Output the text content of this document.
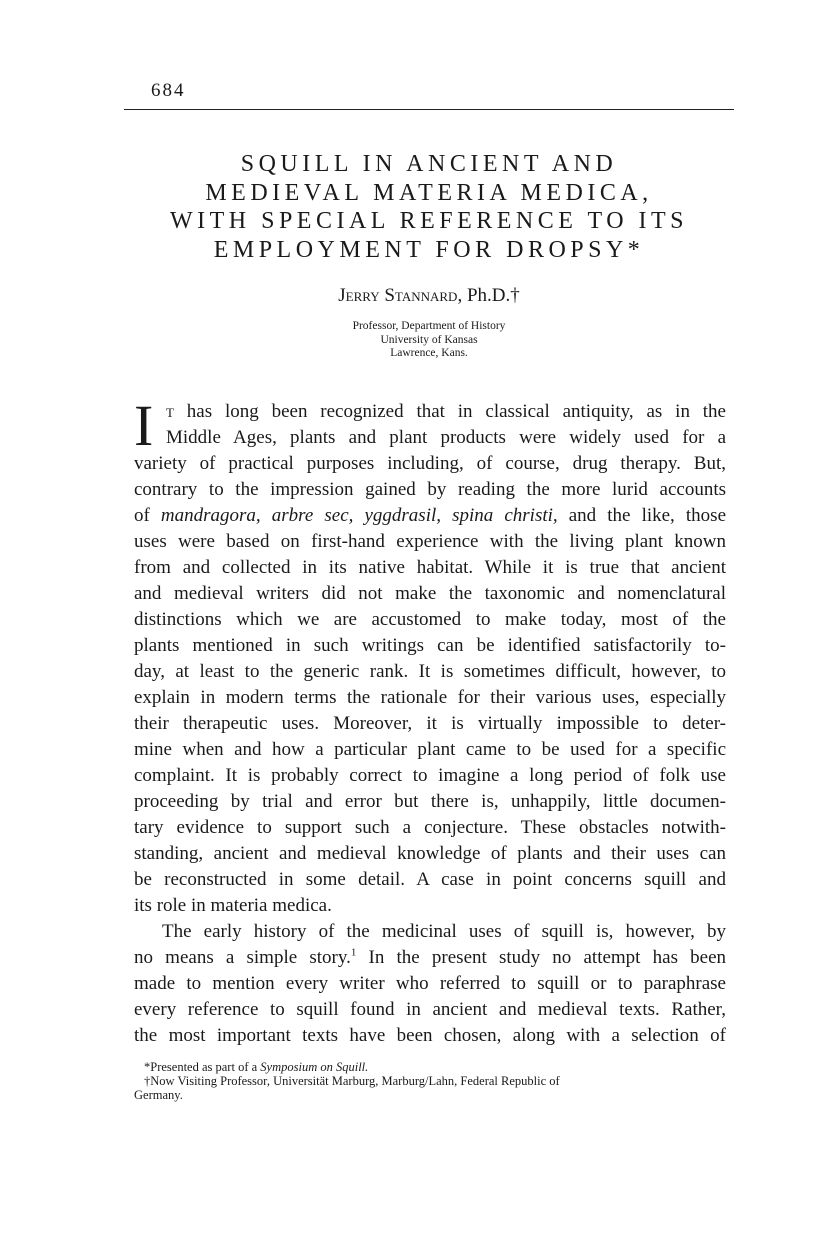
684
SQUILL IN ANCIENT AND
MEDIEVAL MATERIA MEDICA,
WITH SPECIAL REFERENCE TO ITS
EMPLOYMENT FOR DROPSY*
Jerry Stannard, Ph.D.†
Professor, Department of History
University of Kansas
Lawrence, Kans.
I t has long been recognized that in classical antiquity, as in the
Middle Ages, plants and plant products were widely used for a
variety of practical purposes including, of course, drug therapy. But,
contrary to the impression gained by reading the more lurid accounts
of mandragora, arbre sec, yggdrasil, spina christi, and the like, those
uses were based on first-hand experience with the living plant known
from and collected in its native habitat. While it is true that ancient
and medieval writers did not make the taxonomic and nomenclatural
distinctions which we are accustomed to make today, most of the
plants mentioned in such writings can be identified satisfactorily to-
day, at least to the generic rank. It is sometimes difficult, however, to
explain in modern terms the rationale for their various uses, especially
their therapeutic uses. Moreover, it is virtually impossible to deter-
mine when and how a particular plant came to be used for a specific
complaint. It is probably correct to imagine a long period of folk use
proceeding by trial and error but there is, unhappily, little documen-
tary evidence to support such a conjecture. These obstacles notwith-
standing, ancient and medieval knowledge of plants and their uses can
be reconstructed in some detail. A case in point concerns squill and
its role in materia medica.
The early history of the medicinal uses of squill is, however, by
no means a simple story.$^1$ In the present study no attempt has been
made to mention every writer who referred to squill or to paraphrase
every reference to squill found in ancient and medieval texts. Rather,
the most important texts have been chosen, along with a selection of
*Presented as part of a Symposium on Squill.
†Now Visiting Professor, Universität Marburg, Marburg/Lahn, Federal Republic of
Germany.
